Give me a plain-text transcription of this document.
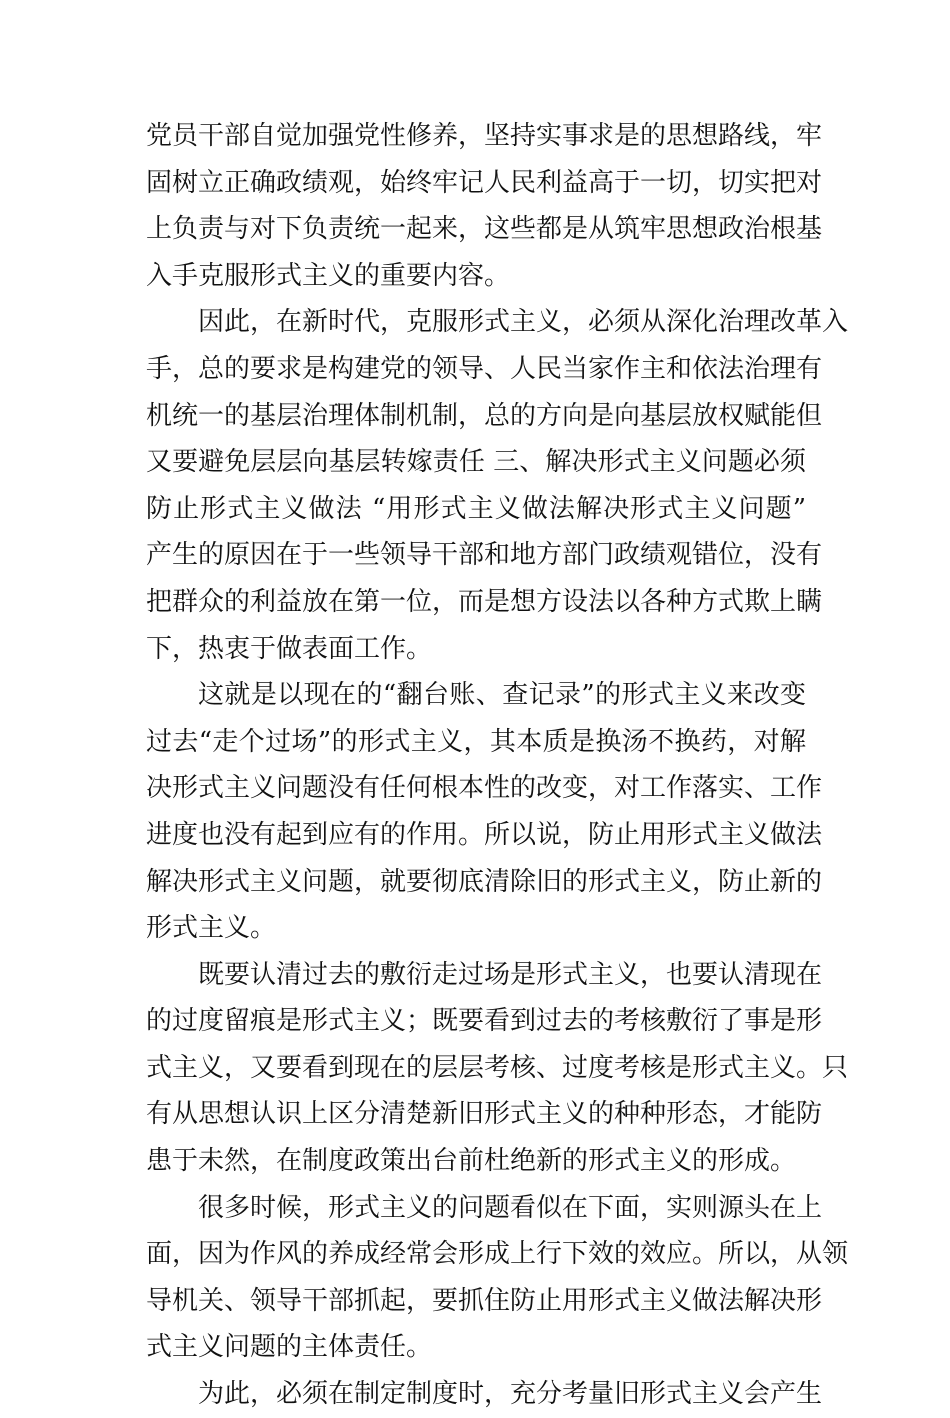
党员干部自觉加强党性修养，坚持实事求是的思想路线，牢
固树立正确政绩观，始终牢记人民利益高于一切，切实把对
上负责与对下负责统一起来，这些都是从筑牢思想政治根基
入手克服形式主义的重要内容。
因此，在新时代，克服形式主义，必须从深化治理改革入
手，总的要求是构建党的领导、人民当家作主和依法治理有
机统一的基层治理体制机制，总的方向是向基层放权赋能但
又要避免层层向基层转嫁责任 三、解决形式主义问题必须
防止形式主义做法 “用形式主义做法解决形式主义问题”
产生的原因在于一些领导干部和地方部门政绩观错位，没有
把群众的利益放在第一位，而是想方设法以各种方式欺上瞒
下，热衷于做表面工作。
这就是以现在的“翻台账、查记录”的形式主义来改变
过去“走个过场”的形式主义，其本质是换汤不换药，对解
决形式主义问题没有任何根本性的改变，对工作落实、工作
进度也没有起到应有的作用。所以说，防止用形式主义做法
解决形式主义问题，就要彻底清除旧的形式主义，防止新的
形式主义。
既要认清过去的敷衍走过场是形式主义，也要认清现在
的过度留痕是形式主义；既要看到过去的考核敷衍了事是形
式主义，又要看到现在的层层考核、过度考核是形式主义。只
有从思想认识上区分清楚新旧形式主义的种种形态，才能防
患于未然，在制度政策出台前杜绝新的形式主义的形成。
很多时候，形式主义的问题看似在下面，实则源头在上
面，因为作风的养成经常会形成上行下效的效应。所以，从领
导机关、领导干部抓起，要抓住防止用形式主义做法解决形
式主义问题的主体责任。
为此，必须在制定制度时，充分考量旧形式主义会产生
